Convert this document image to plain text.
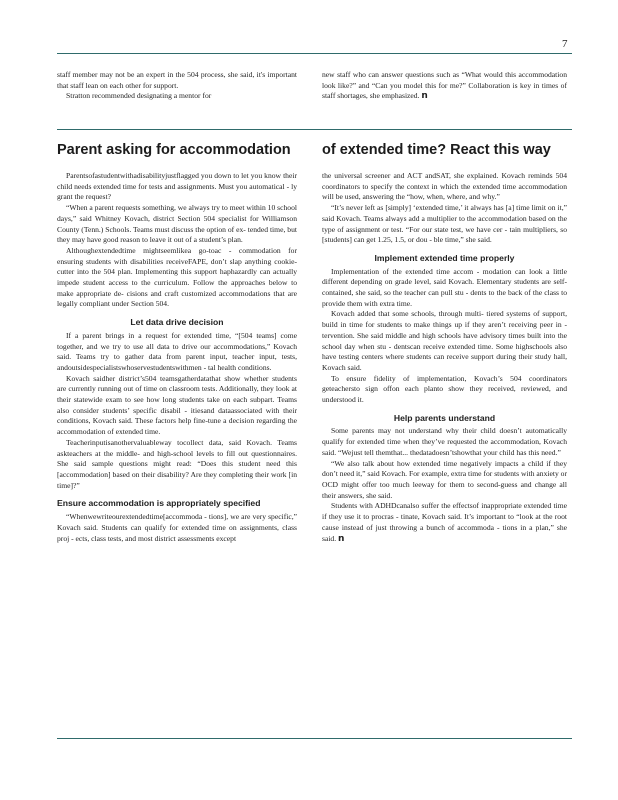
7

staff member may not be an expert in the 504 process, she said, it's important that staff lean on each other for support.

Stratton recommended designating a mentor for

new staff who can answer questions such as “What would this accommodation look like?” and “Can you model this for me?” Collaboration is key in times of staff shortages, she emphasized. n

Parent asking for accommodation of extended time? React this way

Parentsofastudentwithadisabilityjustflagged you down to let you know their child needs extended time for tests and assignments. Must you automatical - ly grant the request?

“When a parent requests something, we always try to meet within 10 school days,” said Whitney Kovach, district Section 504 specialist for Williamson County (Tenn.) Schools. Teams must discuss the option of ex- tended time, but they may have good reason to leave it out of a student’s plan.

Althoughextendedtime mightseemlikea go-toac - commodation for ensuring students with disabilities receiveFAPE, don’t slap anything cookie-cutter into the 504 plan. Implementing this support haphazardly can actually impede student access to the curriculum. Follow the approaches below to make appropriate de- cisions and craft customized accommodations that are legally compliant under Section 504.

Let data drive decision

If a parent brings in a request for extended time, “[504 teams] come together, and we try to use all data to drive our accommodations,” Kovach said. Teams try to gather data from parent input, teacher input, tests, andoutsidespecialistswhoservestudentswithmen - tal health conditions.

Kovach saidher district’s504 teamsgatherdatathat show whether students are currently running out of time on classroom tests. Additionally, they look at their statewide exam to see how long students take on each subpart. Teams also consider students’ specific disabil - itiesand dataassociated with their conditions, Kovach said. These factors help fine-tune a decision regarding the accommodation of extended time.

Teacherinputisanothervaluableway tocollect data, said Kovach. Teams askteachers at the middle- and high-school levels to fill out questionnaires. She said sample questions might read: “Does this student need this [accommodation] based on their disability? Are they completing their work [in time]?”

Ensure accommodation is appropriately specified

“Whenwewriteourextendedtime[accommoda - tions], we are very specific,” Kovach said. Students can qualify for extended time on assignments, class proj - ects, class tests, and most district assessments except

the universal screener and ACT andSAT, she explained. Kovach reminds 504 coordinators to specify the context in which the extended time accommodation will be used, answering the “how, when, where, and why.”

“It’s never left as [simply] ‘extended time,’ it always has [a] time limit on it,” said Kovach. Teams always add a multiplier to the accommodation based on the type of assignment or test. “For our state test, we have cer - tain multipliers, so [students] can get 1.25, 1.5, or dou - ble time,” she said.

Implement extended time properly

Implementation of the extended time accom - modation can look a little different depending on grade level, said Kovach. Elementary students are self-contained, she said, so the teacher can pull stu - dents to the back of the class to provide them with extra time.

Kovach added that some schools, through multi- tiered systems of support, build in time for students to make things up if they aren’t receiving peer in - tervention. She said middle and high schools have advisory times built into the school day when stu - dentscan receive extended time. Some highschools also have testing centers where students can receive support during their study hall, Kovach said.

To ensure fidelity of implementation, Kovach’s 504 coordinators geteachersto sign offon each planto show they received, reviewed, and understood it.

Help parents understand

Some parents may not understand why their child doesn’t automatically qualify for extended time when they’ve requested the accommodation, Kovach said. “Wejust tell themthat... thedatadoesn’tshowthat your child has this need.”

“We also talk about how extended time negatively impacts a child if they don’t need it,” said Kovach. For example, extra time for students with anxiety or OCD might offer too much leeway for them to second-guess and change all their answers, she said.

Students with ADHDcanalso suffer the effectsof inappropriate extended time if they use it to procras - tinate, Kovach said. It’s important to “look at the root cause instead of just throwing a bunch of accommoda - tions in a plan,” she said. n
